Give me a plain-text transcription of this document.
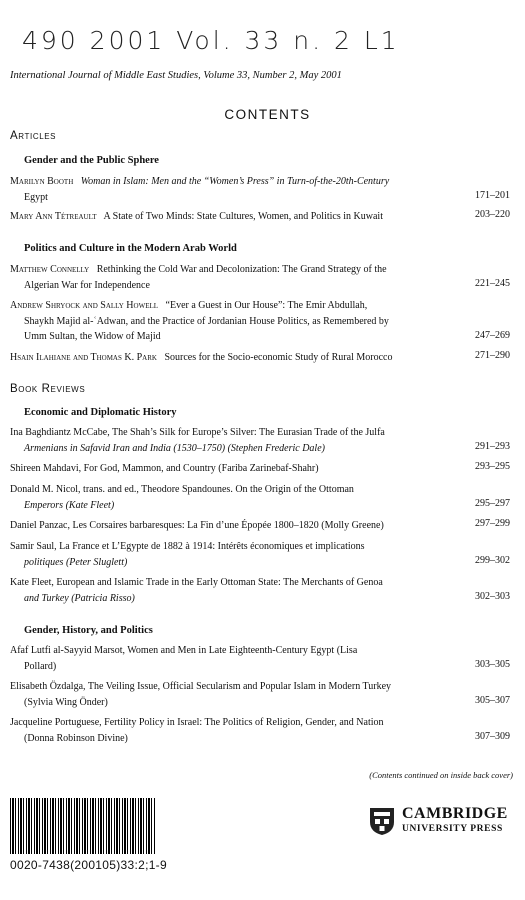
490 2001 Vol. 33 n. 2 L1
International Journal of Middle East Studies, Volume 33, Number 2, May 2001
CONTENTS
Articles
Gender and the Public Sphere
Marilyn Booth Woman in Islam: Men and the “Women’s Press” in Turn-of-the-20th-Century
Egypt	171–201
Mary Ann Tétreault A State of Two Minds: State Cultures, Women, and Politics in Kuwait	203–220
Politics and Culture in the Modern Arab World
Matthew Connelly Rethinking the Cold War and Decolonization: The Grand Strategy of the
Algerian War for Independence	221–245
Andrew Shryock and Sally Howell “Ever a Guest in Our House”: The Emir Abdullah,
Shaykh Majid al-ʿAdwan, and the Practice of Jordanian House Politics, as Remembered by
Umm Sultan, the Widow of Majid	247–269
Hsain Ilahiane and Thomas K. Park Sources for the Socio-economic Study of Rural Morocco	271–290
Book Reviews
Economic and Diplomatic History
Ina Baghdiantz McCabe, The Shah’s Silk for Europe’s Silver: The Eurasian Trade of the Julfa
Armenians in Safavid Iran and India (1530–1750) (Stephen Frederic Dale)	291–293
Shireen Mahdavi, For God, Mammon, and Country (Fariba Zarinebaf-Shahr)	293–295
Donald M. Nicol, trans. and ed., Theodore Spandounes. On the Origin of the Ottoman
Emperors (Kate Fleet)	295–297
Daniel Panzac, Les Corsaires barbaresques: La Fin d’une Épopée 1800–1820 (Molly Greene)	297–299
Samir Saul, La France et L’Egypte de 1882 à 1914: Intérêts économiques et implications
politiques (Peter Sluglett)	299–302
Kate Fleet, European and Islamic Trade in the Early Ottoman State: The Merchants of Genoa
and Turkey (Patricia Risso)	302–303
Gender, History, and Politics
Afaf Lutfi al-Sayyid Marsot, Women and Men in Late Eighteenth-Century Egypt (Lisa
Pollard)	303–305
Elisabeth Özdalga, The Veiling Issue, Official Secularism and Popular Islam in Modern Turkey
(Sylvia Wing Önder)	305–307
Jacqueline Portuguese, Fertility Policy in Israel: The Politics of Religion, Gender, and Nation
(Donna Robinson Divine)	307–309
(Contents continued on inside back cover)
0020-7438(200105)33:2;1-9
CAMBRIDGE
UNIVERSITY PRESS
